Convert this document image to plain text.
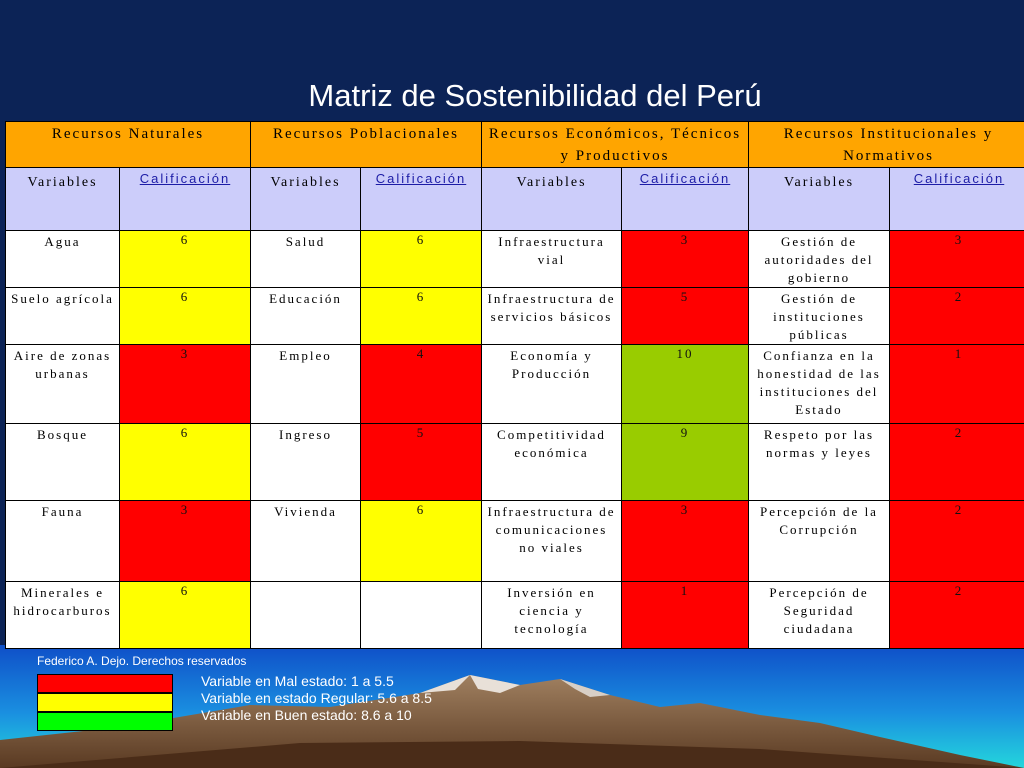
Matriz de Sostenibilidad del Perú
Recursos Naturales		Recursos Poblacionales		Recursos Económicos, Técnicos y Productivos		Recursos Institucionales y Normativos	
Variables	Calificación	Variables	Calificación	Variables	Calificación	Variables	Calificación
Agua	6	Salud	6	Infraestructura vial	3	Gestión de autoridades del gobierno	3
Suelo agrícola	6	Educación	6	Infraestructura de servicios básicos	5	Gestión de instituciones públicas	2
Aire de zonas urbanas	3	Empleo	4	Economía y Producción	10	Confianza en la honestidad de las instituciones del Estado	1
Bosque	6	Ingreso	5	Competitividad económica	9	Respeto por las normas y leyes	2
Fauna	3	Vivienda	6	Infraestructura de comunicaciones no viales	3	Percepción de la Corrupción	2
Minerales e hidrocarburos	6			Inversión en ciencia y tecnología	1	Percepción de Seguridad ciudadana	2
Federico A. Dejo. Derechos reservados
Variable en Mal estado: 1 a 5.5
Variable en estado Regular: 5.6 a 8.5
Variable en Buen estado: 8.6 a 10
